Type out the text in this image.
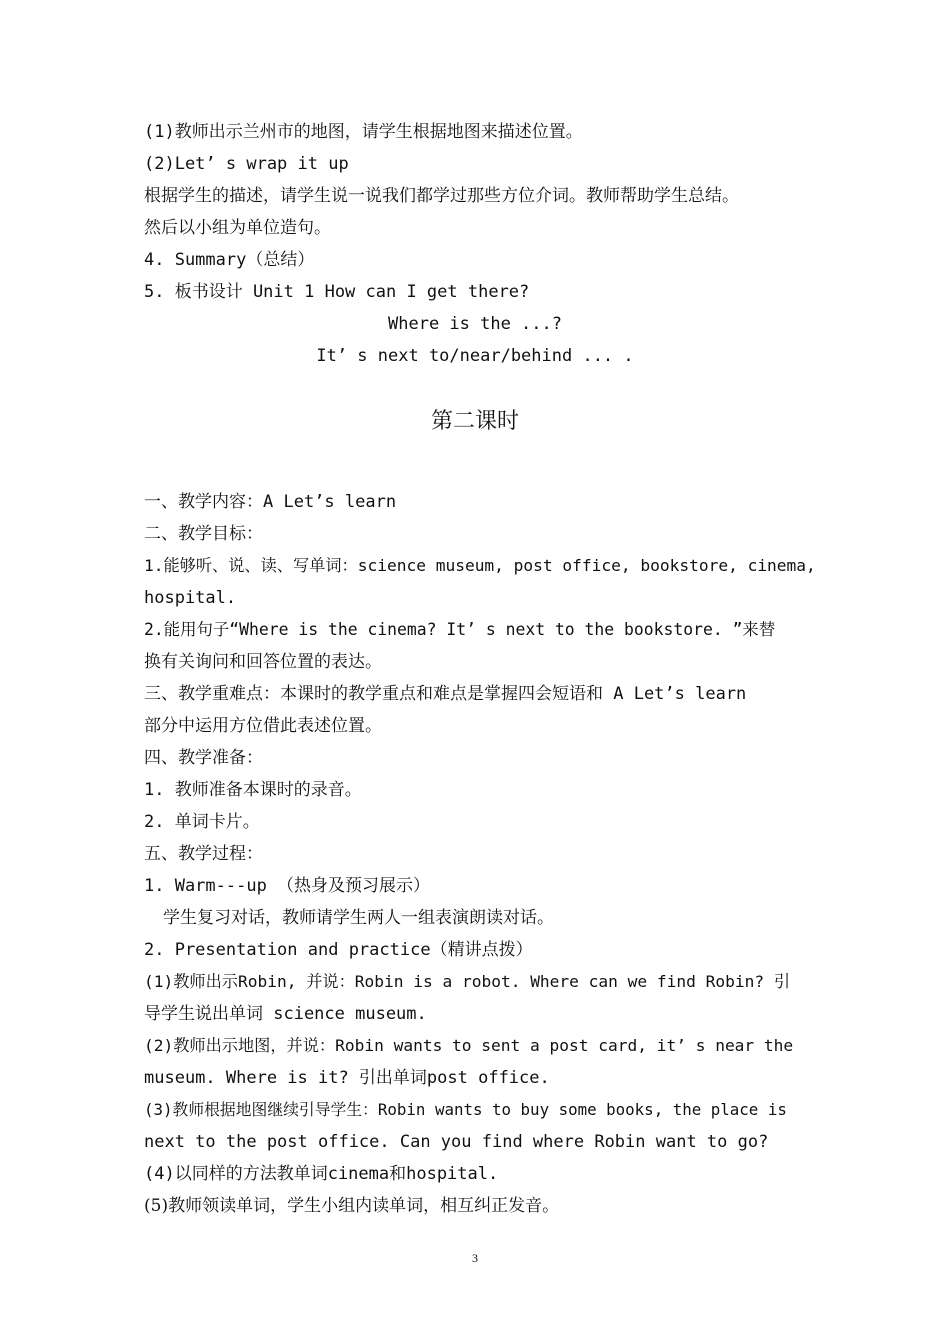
(1)教师出示兰州市的地图，请学生根据地图来描述位置。
(2)Let’ s wrap it up
根据学生的描述，请学生说一说我们都学过那些方位介词。教师帮助学生总结。
然后以小组为单位造句。
4. Summary（总结）
5. 板书设计 Unit 1 How can I get there?
Where is the ...?
It’ s next to/near/behind ... .
第二课时
一、教学内容：A Let’s learn
二、教学目标：
1.能够听、说、读、写单词：science museum, post office, bookstore, cinema,
hospital.
2.能用句子“Where is the cinema? It’ s next to the bookstore. ”来替
换有关询问和回答位置的表达。
三、教学重难点：本课时的教学重点和难点是掌握四会短语和 A Let’s learn
部分中运用方位借此表述位置。
四、教学准备：
1. 教师准备本课时的录音。
2. 单词卡片。
五、教学过程：
1. Warm---up （热身及预习展示）
学生复习对话，教师请学生两人一组表演朗读对话。
2. Presentation and practice（精讲点拨）
(1)教师出示Robin, 并说：Robin is a robot. Where can we find Robin? 引
导学生说出单词 science museum.
(2)教师出示地图，并说：Robin wants to sent a post card, it’ s near the
museum. Where is it? 引出单词post office.
(3)教师根据地图继续引导学生：Robin wants to buy some books, the place is
next to the post office. Can you find where Robin want to go?
(4)以同样的方法教单词cinema和hospital.
(5)教师领读单词，学生小组内读单词，相互纠正发音。
3
